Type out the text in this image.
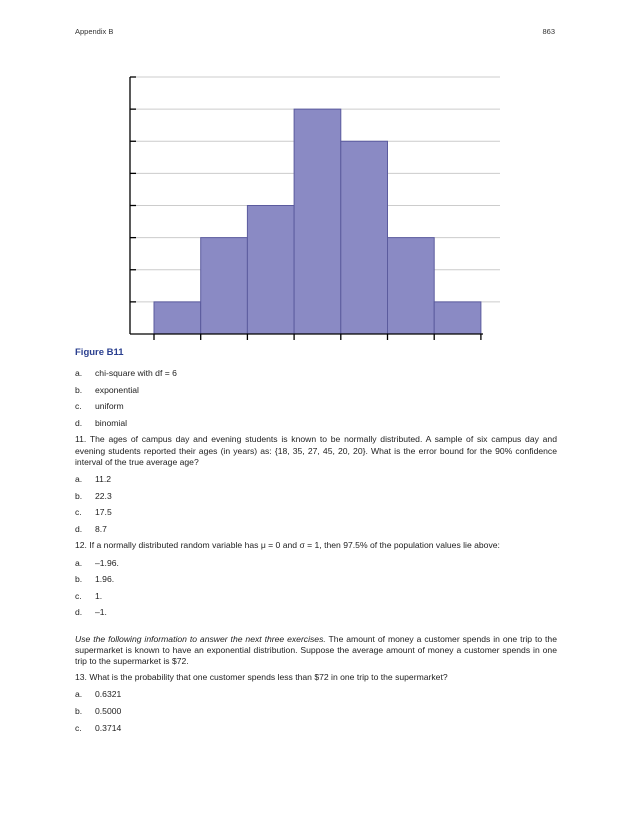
Appendix B	863
Figure B11
a. chi-square with df = 6
b. exponential
c. uniform
d. binomial
11. The ages of campus day and evening students is known to be normally distributed. A sample of six campus day and evening students reported their ages (in years) as: {18, 35, 27, 45, 20, 20}. What is the error bound for the 90% confidence interval of the true average age?
a. 11.2
b. 22.3
c. 17.5
d. 8.7
12. If a normally distributed random variable has μ = 0 and σ = 1, then 97.5% of the population values lie above:
a. –1.96.
b. 1.96.
c. 1.
d. –1.
Use the following information to answer the next three exercises. The amount of money a customer spends in one trip to the supermarket is known to have an exponential distribution. Suppose the average amount of money a customer spends in one trip to the supermarket is $72.
13. What is the probability that one customer spends less than $72 in one trip to the supermarket?
a. 0.6321
b. 0.5000
c. 0.3714
